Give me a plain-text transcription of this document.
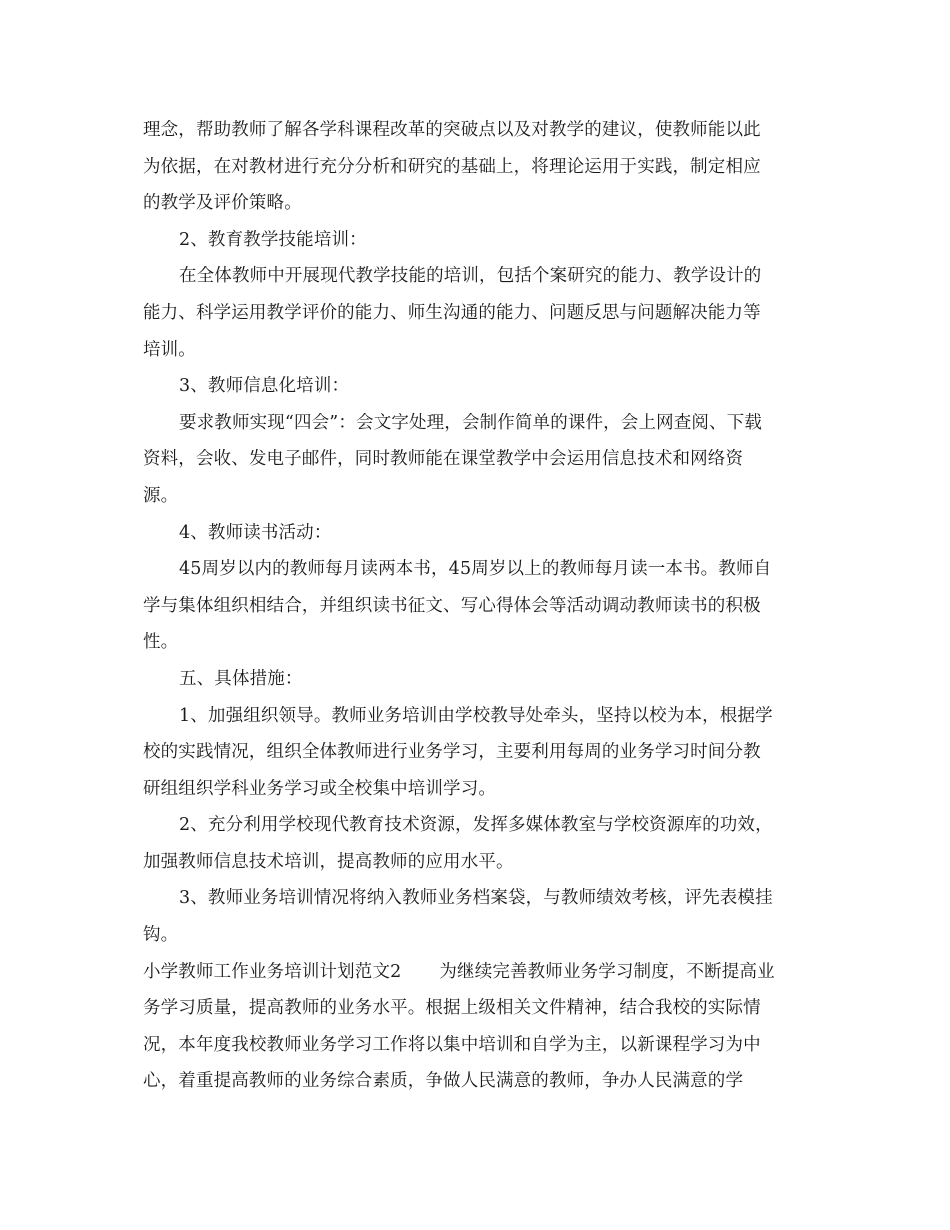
理念，帮助教师了解各学科课程改革的突破点以及对教学的建议，使教师能以此
为依据，在对教材进行充分分析和研究的基础上，将理论运用于实践，制定相应
的教学及评价策略。
2、教育教学技能培训：
在全体教师中开展现代教学技能的培训，包括个案研究的能力、教学设计的
能力、科学运用教学评价的能力、师生沟通的能力、问题反思与问题解决能力等
培训。
3、教师信息化培训：
要求教师实现“四会”：会文字处理，会制作简单的课件，会上网查阅、下载
资料，会收、发电子邮件，同时教师能在课堂教学中会运用信息技术和网络资
源。
4、教师读书活动：
45周岁以内的教师每月读两本书，45周岁以上的教师每月读一本书。教师自
学与集体组织相结合，并组织读书征文、写心得体会等活动调动教师读书的积极
性。
五、具体措施：
1、加强组织领导。教师业务培训由学校教导处牵头，坚持以校为本，根据学
校的实践情况，组织全体教师进行业务学习，主要利用每周的业务学习时间分教
研组组织学科业务学习或全校集中培训学习。
2、充分利用学校现代教育技术资源，发挥多媒体教室与学校资源库的功效，
加强教师信息技术培训，提高教师的应用水平。
3、教师业务培训情况将纳入教师业务档案袋，与教师绩效考核，评先表模挂
钩。
小学教师工作业务培训计划范文2 为继续完善教师业务学习制度，不断提高业
务学习质量，提高教师的业务水平。根据上级相关文件精神，结合我校的实际情
况，本年度我校教师业务学习工作将以集中培训和自学为主，以新课程学习为中
心，着重提高教师的业务综合素质，争做人民满意的教师，争办人民满意的学
